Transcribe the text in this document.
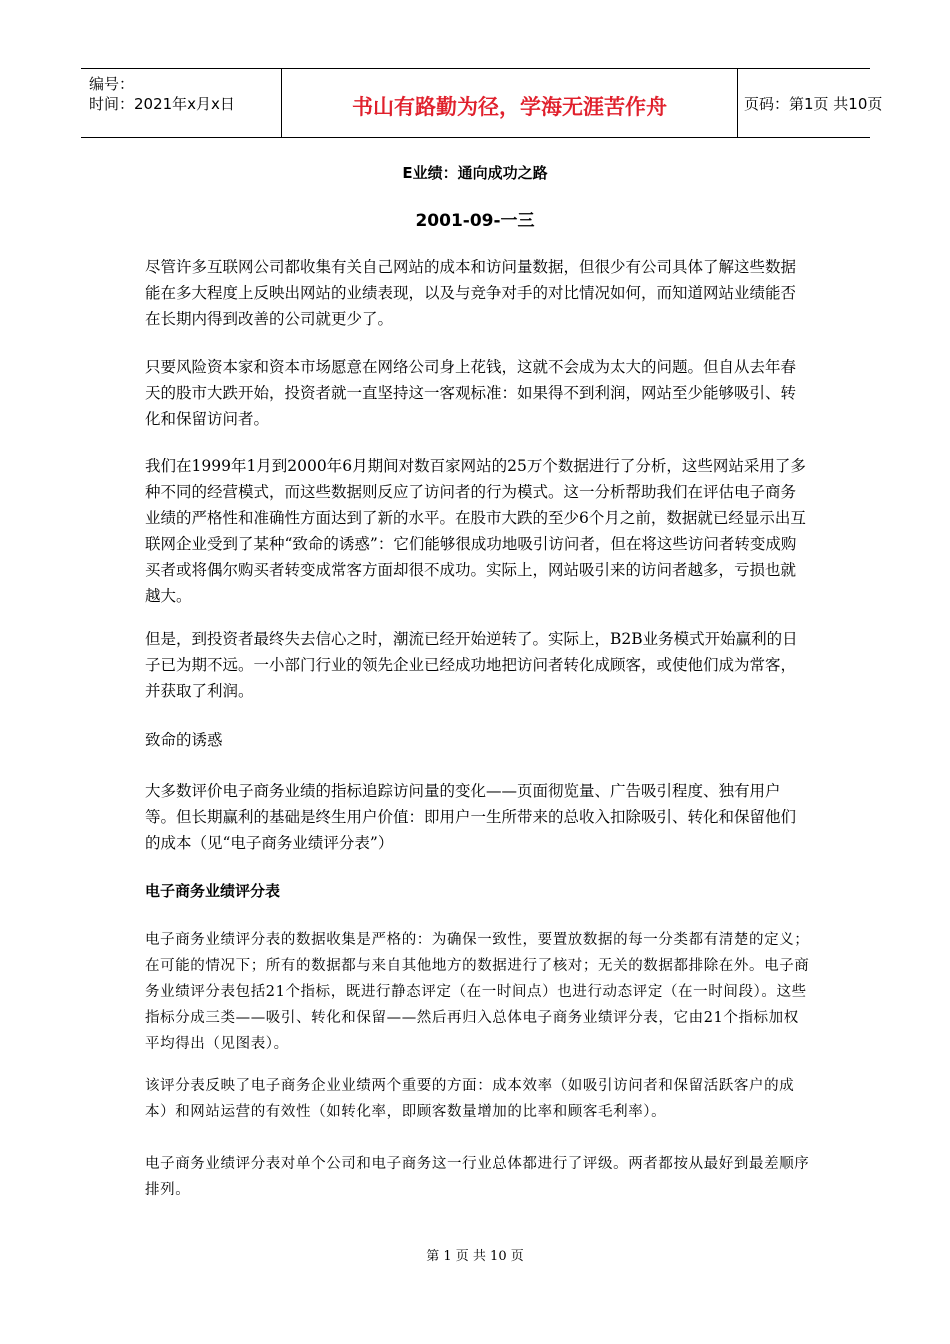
编号：
时间：2021年x月x日	书山有路勤为径，学海无涯苦作舟	页码：第1页 共10页
E业绩：通向成功之路
2001-09-一三

尽管许多互联网公司都收集有关自己网站的成本和访问量数据，但很少有公司具体了解这些数据能在多大程度上反映出网站的业绩表现，以及与竞争对手的对比情况如何，而知道网站业绩能否在长期内得到改善的公司就更少了。

只要风险资本家和资本市场愿意在网络公司身上花钱，这就不会成为太大的问题。但自从去年春天的股市大跌开始，投资者就一直坚持这一客观标准：如果得不到利润，网站至少能够吸引、转化和保留访问者。

我们在1999年1月到2000年6月期间对数百家网站的25万个数据进行了分析，这些网站采用了多种不同的经营模式，而这些数据则反应了访问者的行为模式。这一分析帮助我们在评估电子商务业绩的严格性和准确性方面达到了新的水平。在股市大跌的至少6个月之前，数据就已经显示出互联网企业受到了某种“致命的诱惑”：它们能够很成功地吸引访问者，但在将这些访问者转变成购买者或将偶尔购买者转变成常客方面却很不成功。实际上，网站吸引来的访问者越多，亏损也就越大。

但是，到投资者最终失去信心之时，潮流已经开始逆转了。实际上，B2B业务模式开始赢利的日子已为期不远。一小部门行业的领先企业已经成功地把访问者转化成顾客，或使他们成为常客，并获取了利润。

致命的诱惑

大多数评价电子商务业绩的指标追踪访问量的变化——页面彻览量、广告吸引程度、独有用户等。但长期赢利的基础是终生用户价值：即用户一生所带来的总收入扣除吸引、转化和保留他们的成本（见“电子商务业绩评分表”）

电子商务业绩评分表

电子商务业绩评分表的数据收集是严格的：为确保一致性，要置放数据的每一分类都有清楚的定义；在可能的情况下；所有的数据都与来自其他地方的数据进行了核对；无关的数据都排除在外。电子商务业绩评分表包括21个指标，既进行静态评定（在一时间点）也进行动态评定（在一时间段）。这些指标分成三类——吸引、转化和保留——然后再归入总体电子商务业绩评分表，它由21个指标加权平均得出（见图表）。

该评分表反映了电子商务企业业绩两个重要的方面：成本效率（如吸引访问者和保留活跃客户的成本）和网站运营的有效性（如转化率，即顾客数量增加的比率和顾客毛利率）。

电子商务业绩评分表对单个公司和电子商务这一行业总体都进行了评级。两者都按从最好到最差顺序排列。

第 1 页 共 10 页
